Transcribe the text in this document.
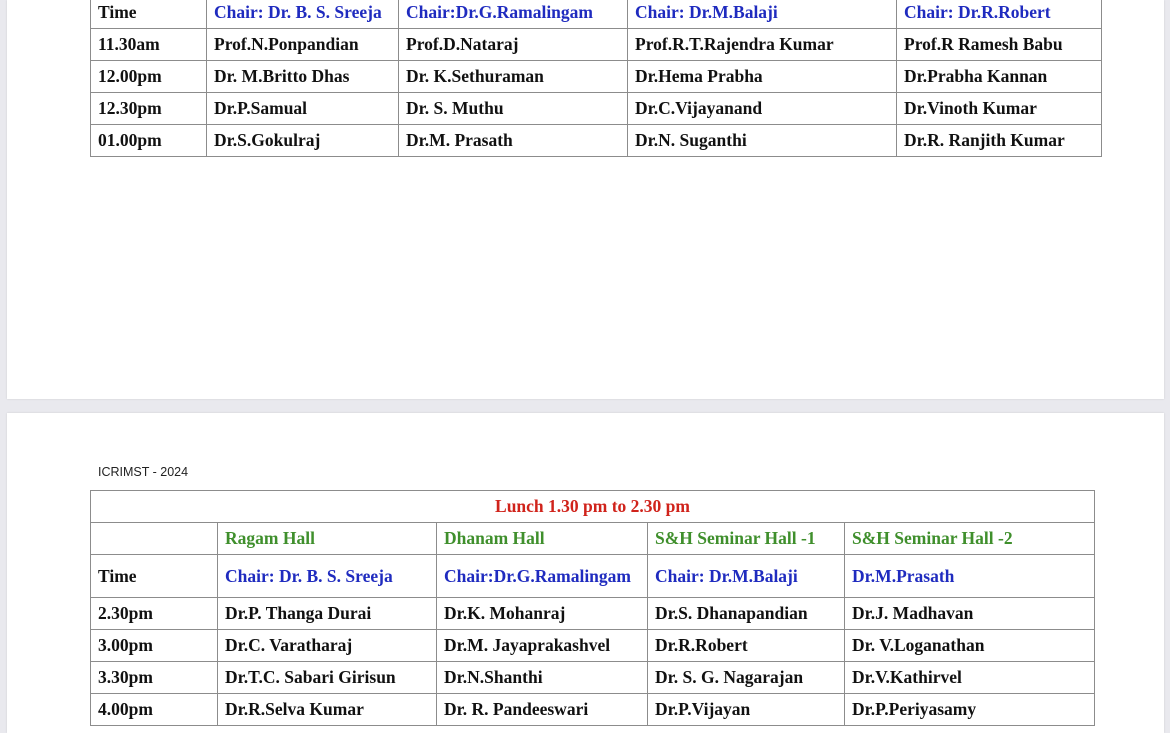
Time	Chair: Dr. B. S. Sreeja	Chair:Dr.G.Ramalingam	Chair: Dr.M.Balaji	Chair: Dr.R.Robert
11.30am	Prof.N.Ponpandian	Prof.D.Nataraj	Prof.R.T.Rajendra Kumar	Prof.R Ramesh Babu
12.00pm	Dr. M.Britto Dhas	Dr. K.Sethuraman	Dr.Hema Prabha	Dr.Prabha Kannan
12.30pm	Dr.P.Samual	Dr. S. Muthu	Dr.C.Vijayanand	Dr.Vinoth Kumar
01.00pm	Dr.S.Gokulraj	Dr.M. Prasath	Dr.N. Suganthi	Dr.R. Ranjith Kumar
ICRIMST - 2024
Lunch 1.30 pm to 2.30 pm				
	Ragam Hall	Dhanam Hall	S&H Seminar Hall -1	S&H Seminar Hall -2
Time	Chair: Dr. B. S. Sreeja	Chair:Dr.G.Ramalingam	Chair: Dr.M.Balaji	Dr.M.Prasath
2.30pm	Dr.P. Thanga Durai	Dr.K. Mohanraj	Dr.S. Dhanapandian	Dr.J. Madhavan
3.00pm	Dr.C. Varatharaj	Dr.M. Jayaprakashvel	Dr.R.Robert	Dr. V.Loganathan
3.30pm	Dr.T.C. Sabari Girisun	Dr.N.Shanthi	Dr. S. G. Nagarajan	Dr.V.Kathirvel
4.00pm	Dr.R.Selva Kumar	Dr. R. Pandeeswari	Dr.P.Vijayan	Dr.P.Periyasamy
